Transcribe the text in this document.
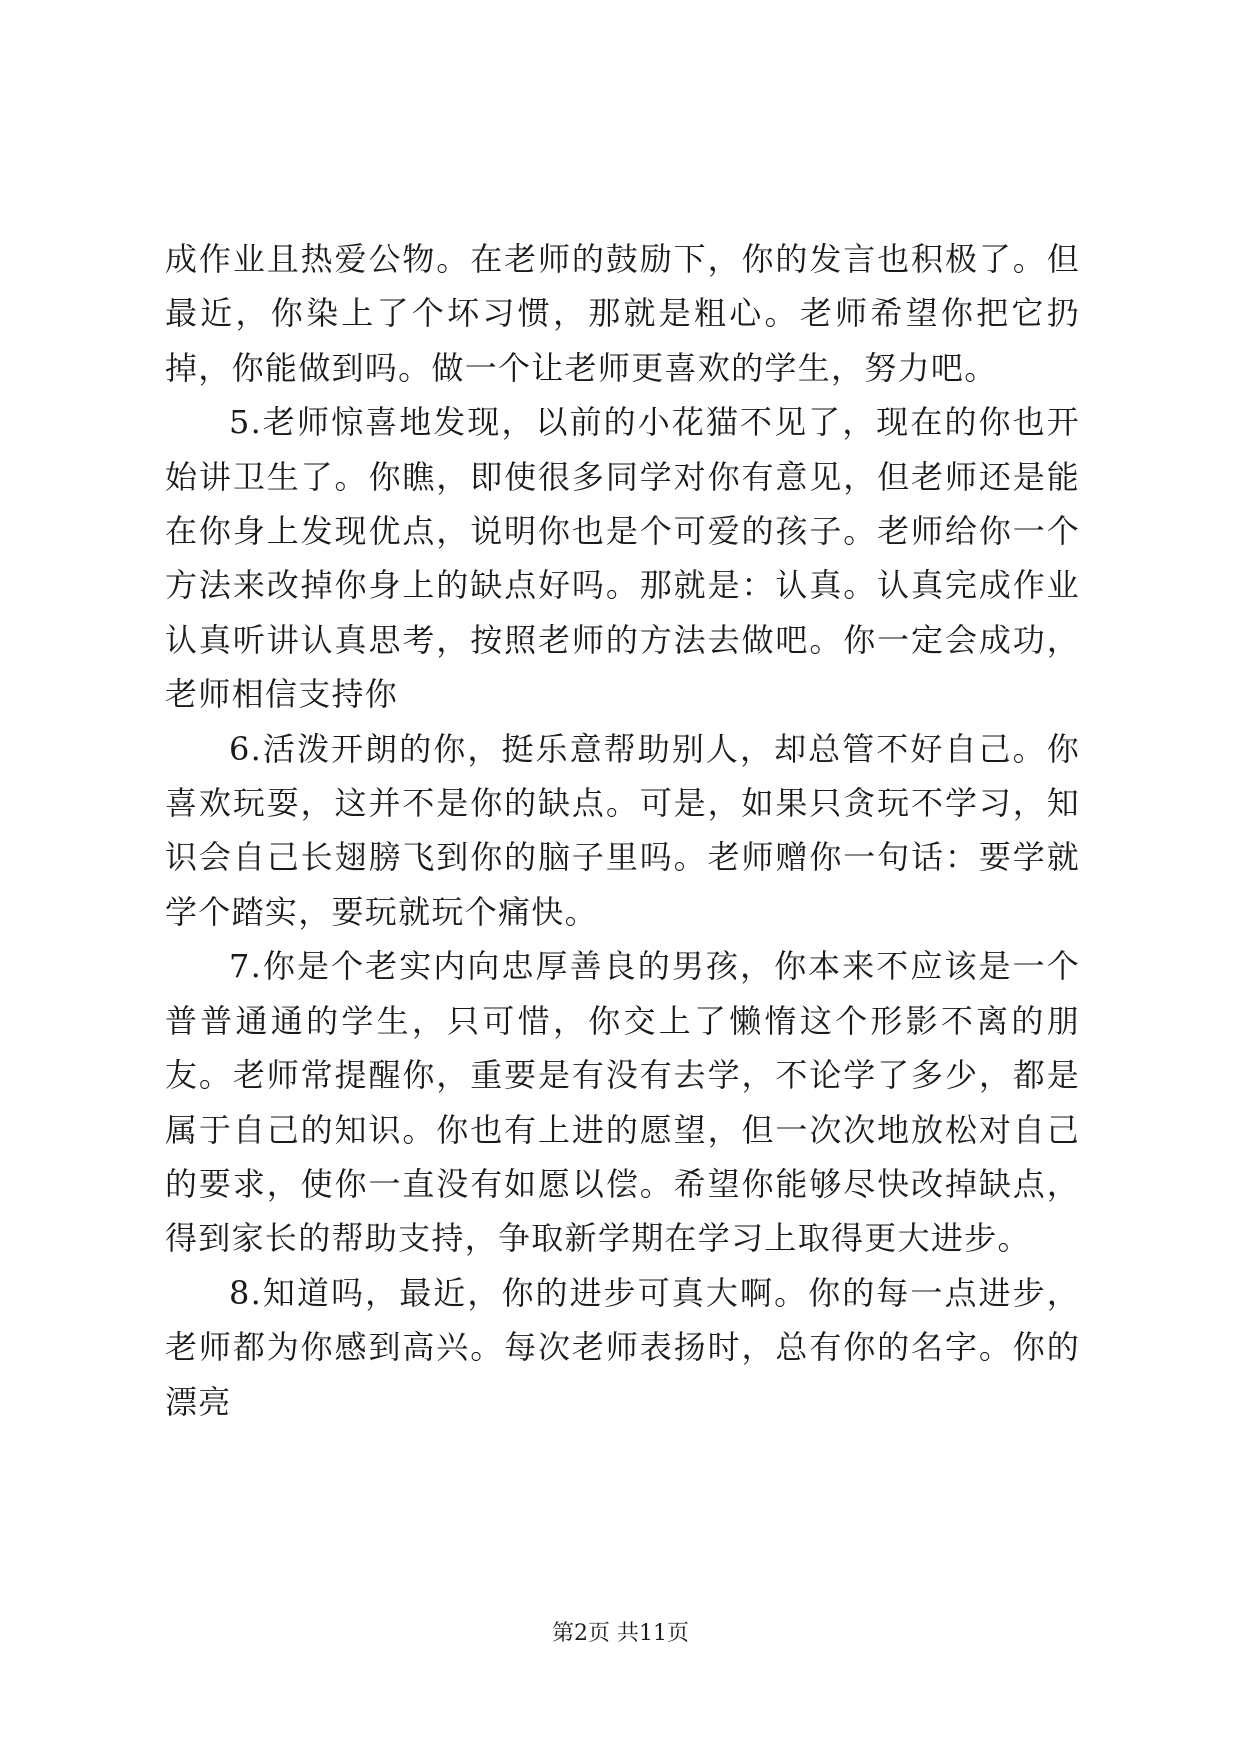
成作业且热爱公物。在老师的鼓励下，你的发言也积极了。但最近，你染上了个坏习惯，那就是粗心。老师希望你把它扔掉，你能做到吗。做一个让老师更喜欢的学生，努力吧。

5.老师惊喜地发现，以前的小花猫不见了，现在的你也开始讲卫生了。你瞧，即使很多同学对你有意见，但老师还是能在你身上发现优点，说明你也是个可爱的孩子。老师给你一个方法来改掉你身上的缺点好吗。那就是：认真。认真完成作业认真听讲认真思考，按照老师的方法去做吧。你一定会成功，老师相信支持你

6.活泼开朗的你，挺乐意帮助别人，却总管不好自己。你喜欢玩耍，这并不是你的缺点。可是，如果只贪玩不学习，知识会自己长翅膀飞到你的脑子里吗。老师赠你一句话：要学就学个踏实，要玩就玩个痛快。

7.你是个老实内向忠厚善良的男孩，你本来不应该是一个普普通通的学生，只可惜，你交上了懒惰这个形影不离的朋友。老师常提醒你，重要是有没有去学，不论学了多少，都是属于自己的知识。你也有上进的愿望，但一次次地放松对自己的要求，使你一直没有如愿以偿。希望你能够尽快改掉缺点，得到家长的帮助支持，争取新学期在学习上取得更大进步。

8.知道吗，最近，你的进步可真大啊。你的每一点进步，老师都为你感到高兴。每次老师表扬时，总有你的名字。你的漂亮

第2页 共11页
